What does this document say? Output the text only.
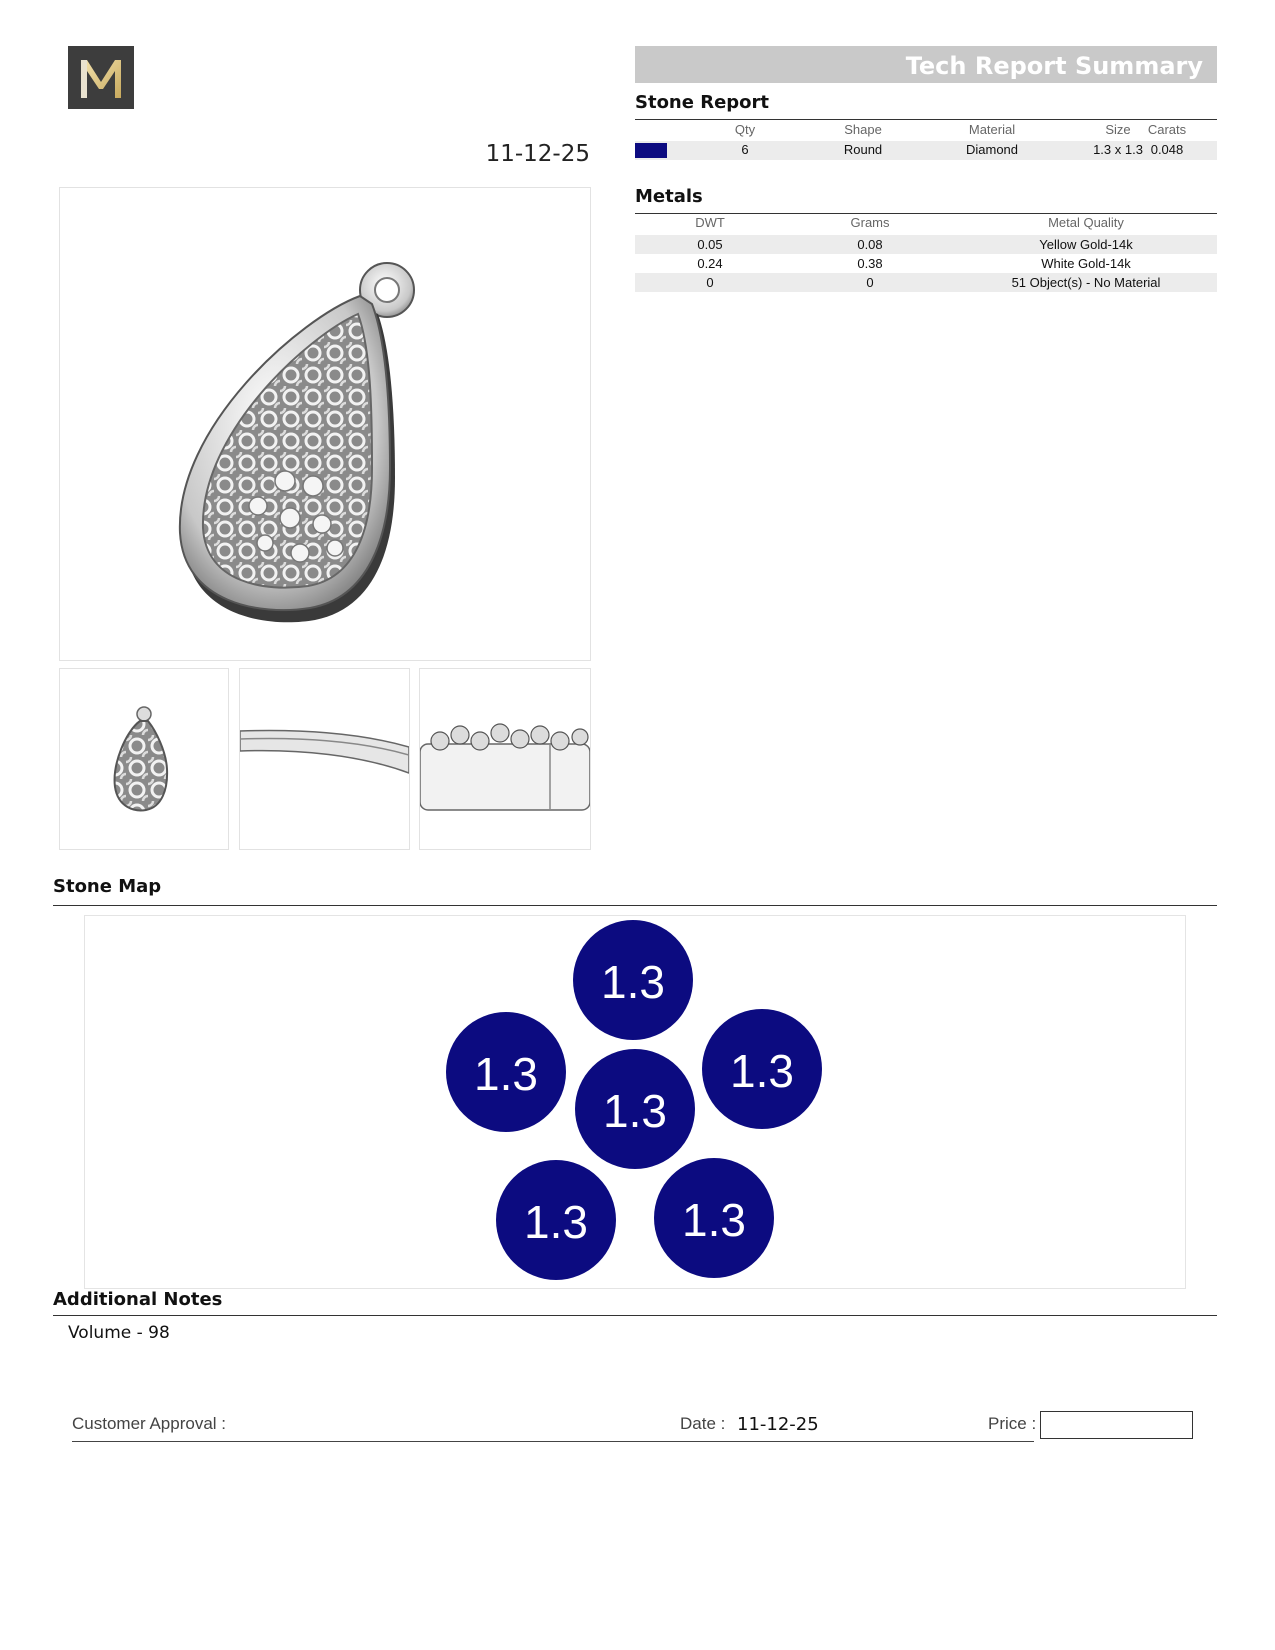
11-12-25
Tech Report Summary
Stone Report
Qty	Shape	Material	Size	Carats
6	Round	Diamond	1.3 x 1.3 0.048
Metals
DWT	Grams	Metal Quality
0.05	0.08	Yellow Gold-14k
0.24	0.38	White Gold-14k
0	0	51 Object(s) - No Material
Stone Map
1.3
1.3	1.3
1.3
1.3 1.3
Additional Notes
Volume - 98
Customer Approval :	Date : 11-12-25	Price :
